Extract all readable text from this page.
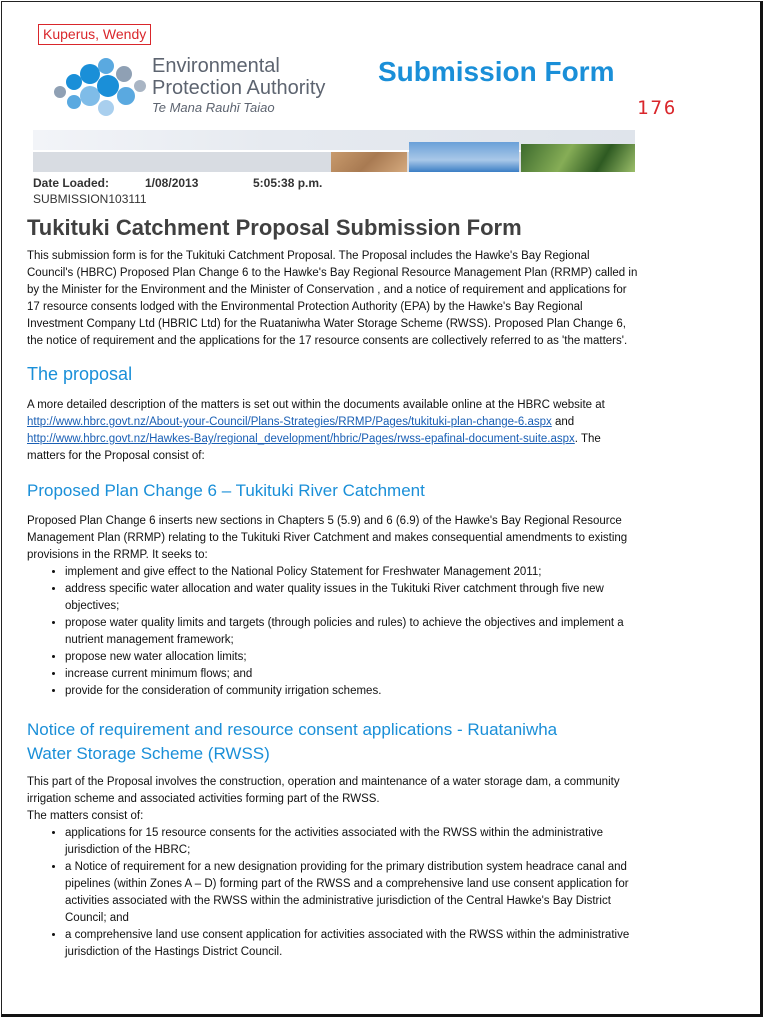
Kuperus, Wendy
Environmental
Protection Authority
Te Mana Rauhī Taiao
Submission Form
176
Date Loaded:	1/08/2013	5:05:38 p.m.
SUBMISSION103111
Tukituki Catchment Proposal Submission Form

This submission form is for the Tukituki Catchment Proposal. The Proposal includes the Hawke's Bay Regional Council's (HBRC) Proposed Plan Change 6 to the Hawke's Bay Regional Resource Management Plan (RRMP) called in by the Minister for the Environment and the Minister of Conservation , and a notice of requirement and applications for 17 resource consents lodged with the Environmental Protection Authority (EPA) by the Hawke's Bay Regional Investment Company Ltd (HBRIC Ltd) for the Ruataniwha Water Storage Scheme (RWSS). Proposed Plan Change 6, the notice of requirement and the applications for the 17 resource consents are collectively referred to as 'the matters'.

The proposal

A more detailed description of the matters is set out within the documents available online at the HBRC website at http://www.hbrc.govt.nz/About-your-Council/Plans-Strategies/RRMP/Pages/tukituki-plan-change-6.aspx and http://www.hbrc.govt.nz/Hawkes-Bay/regional_development/hbric/Pages/rwss-epafinal-document-suite.aspx. The matters for the Proposal consist of:

Proposed Plan Change 6 – Tukituki River Catchment

Proposed Plan Change 6 inserts new sections in Chapters 5 (5.9) and 6 (6.9) of the Hawke's Bay Regional Resource Management Plan (RRMP) relating to the Tukituki River Catchment and makes consequential amendments to existing provisions in the RRMP. It seeks to:

• implement and give effect to the National Policy Statement for Freshwater Management 2011;
• address specific water allocation and water quality issues in the Tukituki River catchment through five new objectives;
• propose water quality limits and targets (through policies and rules) to achieve the objectives and implement a nutrient management framework;
• propose new water allocation limits;
• increase current minimum flows; and
• provide for the consideration of community irrigation schemes.
Notice of requirement and resource consent applications - Ruataniwha
Water Storage Scheme (RWSS)

This part of the Proposal involves the construction, operation and maintenance of a water storage dam, a community irrigation scheme and associated activities forming part of the RWSS.

The matters consist of:

• applications for 15 resource consents for the activities associated with the RWSS within the administrative jurisdiction of the HBRC;
• a Notice of requirement for a new designation providing for the primary distribution system headrace canal and pipelines (within Zones A – D) forming part of the RWSS and a comprehensive land use consent application for activities associated with the RWSS within the administrative jurisdiction of the Central Hawke's Bay District Council; and
• a comprehensive land use consent application for activities associated with the RWSS within the administrative jurisdiction of the Hastings District Council.
